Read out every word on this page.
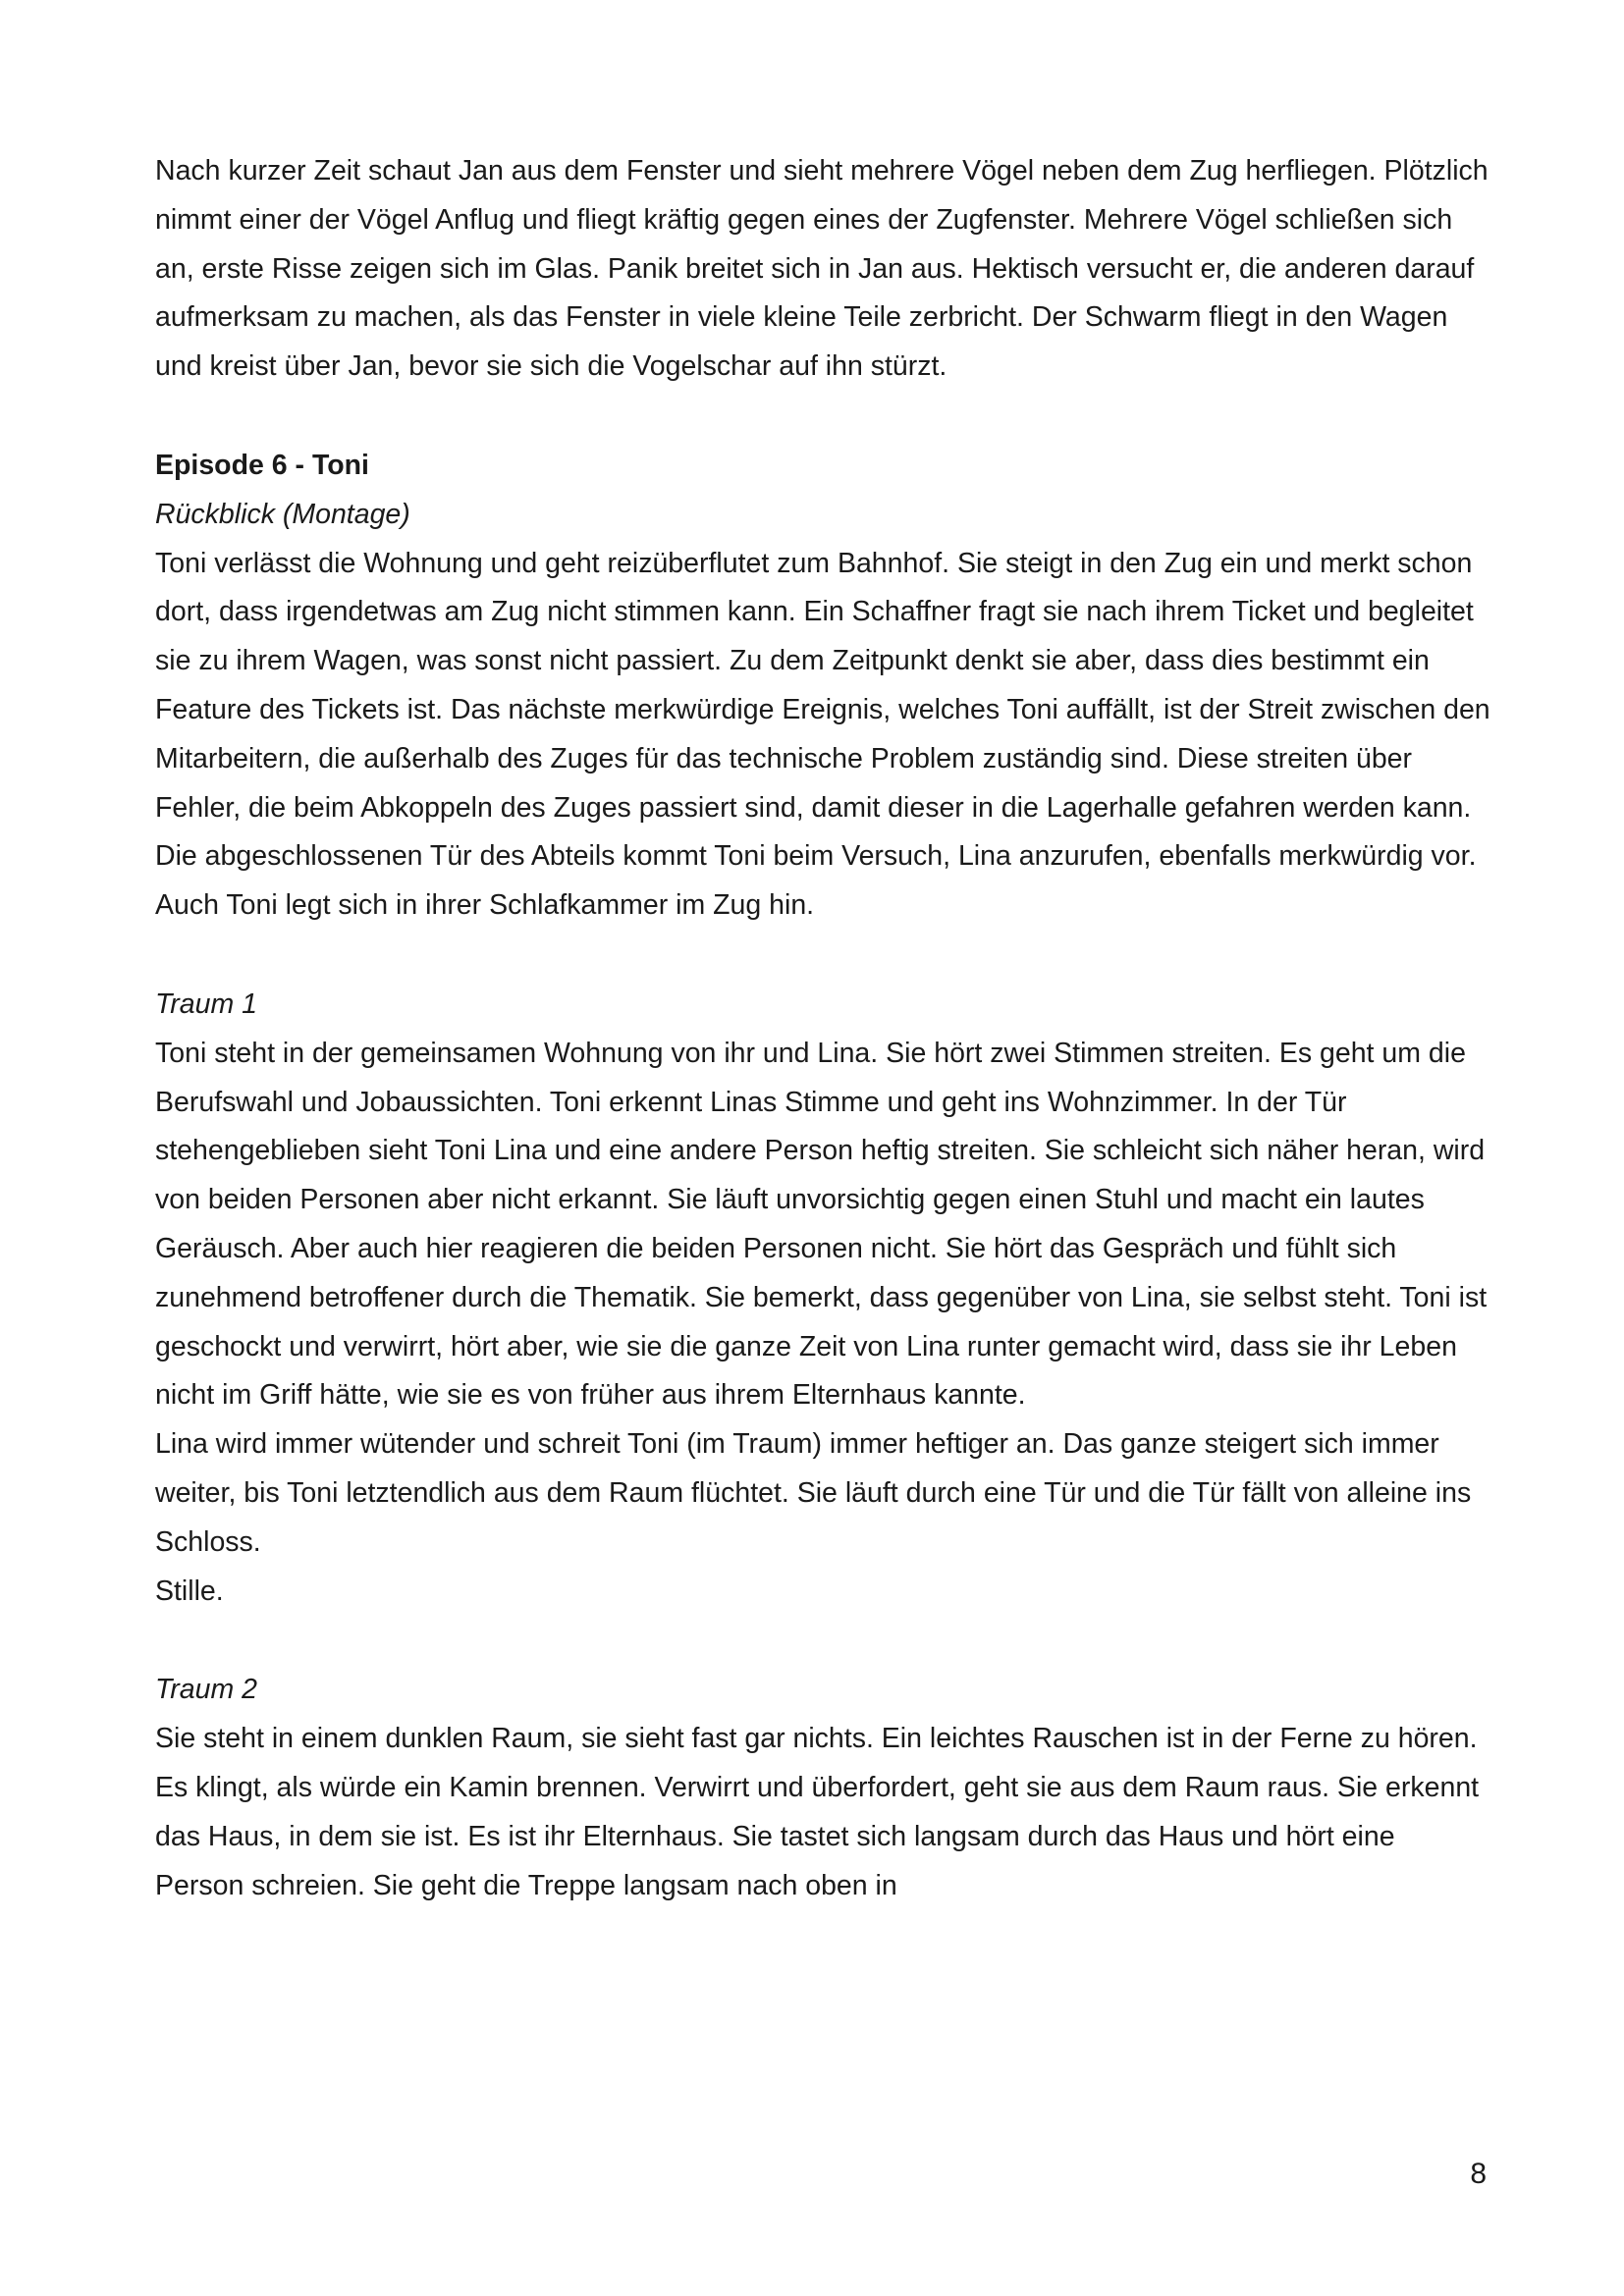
Nach kurzer Zeit schaut Jan aus dem Fenster und sieht mehrere Vögel neben dem Zug herfliegen. Plötzlich nimmt einer der Vögel Anflug und fliegt kräftig gegen eines der Zugfenster. Mehrere Vögel schließen sich an, erste Risse zeigen sich im Glas. Panik breitet sich in Jan aus. Hektisch versucht er, die anderen darauf aufmerksam zu machen, als das Fenster in viele kleine Teile zerbricht. Der Schwarm fliegt in den Wagen und kreist über Jan, bevor sie sich die Vogelschar auf ihn stürzt.

Episode 6 - Toni

Rückblick (Montage)

Toni verlässt die Wohnung und geht reizüberflutet zum Bahnhof. Sie steigt in den Zug ein und merkt schon dort, dass irgendetwas am Zug nicht stimmen kann. Ein Schaffner fragt sie nach ihrem Ticket und begleitet sie zu ihrem Wagen, was sonst nicht passiert. Zu dem Zeitpunkt denkt sie aber, dass dies bestimmt ein Feature des Tickets ist. Das nächste merkwürdige Ereignis, welches Toni auffällt, ist der Streit zwischen den Mitarbeitern, die außerhalb des Zuges für das technische Problem zuständig sind. Diese streiten über Fehler, die beim Abkoppeln des Zuges passiert sind, damit dieser in die Lagerhalle gefahren werden kann.

Die abgeschlossenen Tür des Abteils kommt Toni beim Versuch, Lina anzurufen, ebenfalls merkwürdig vor.

Auch Toni legt sich in ihrer Schlafkammer im Zug hin.

Traum 1

Toni steht in der gemeinsamen Wohnung von ihr und Lina. Sie hört zwei Stimmen streiten. Es geht um die Berufswahl und Jobaussichten. Toni erkennt Linas Stimme und geht ins Wohnzimmer. In der Tür stehengeblieben sieht Toni Lina und eine andere Person heftig streiten. Sie schleicht sich näher heran, wird von beiden Personen aber nicht erkannt. Sie läuft unvorsichtig gegen einen Stuhl und macht ein lautes Geräusch. Aber auch hier reagieren die beiden Personen nicht. Sie hört das Gespräch und fühlt sich zunehmend betroffener durch die Thematik. Sie bemerkt, dass gegenüber von Lina, sie selbst steht. Toni ist geschockt und verwirrt, hört aber, wie sie die ganze Zeit von Lina runter gemacht wird, dass sie ihr Leben nicht im Griff hätte, wie sie es von früher aus ihrem Elternhaus kannte.

Lina wird immer wütender und schreit Toni (im Traum) immer heftiger an. Das ganze steigert sich immer weiter, bis Toni letztendlich aus dem Raum flüchtet. Sie läuft durch eine Tür und die Tür fällt von alleine ins Schloss.

Stille.

Traum 2

Sie steht in einem dunklen Raum, sie sieht fast gar nichts. Ein leichtes Rauschen ist in der Ferne zu hören. Es klingt, als würde ein Kamin brennen. Verwirrt und überfordert, geht sie aus dem Raum raus. Sie erkennt das Haus, in dem sie ist. Es ist ihr Elternhaus. Sie tastet sich langsam durch das Haus und hört eine Person schreien. Sie geht die Treppe langsam nach oben in

8
